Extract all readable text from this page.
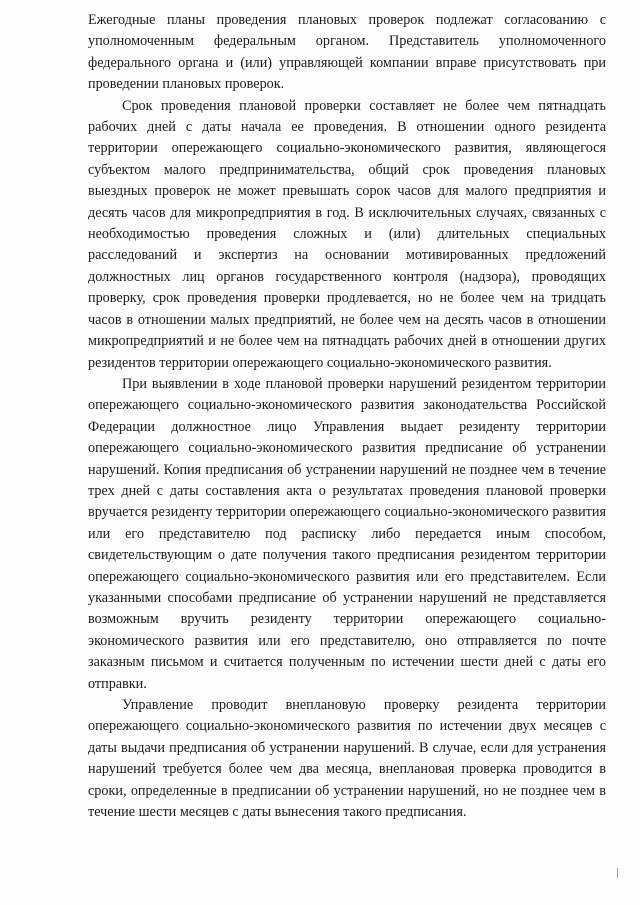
Ежегодные планы проведения плановых проверок подлежат согласованию с уполномоченным федеральным органом. Представитель уполномоченного федерального органа и (или) управляющей компании вправе присутствовать при проведении плановых проверок.

Срок проведения плановой проверки составляет не более чем пятнадцать рабочих дней с даты начала ее проведения. В отношении одного резидента территории опережающего социально-экономического развития, являющегося субъектом малого предпринимательства, общий срок проведения плановых выездных проверок не может превышать сорок часов для малого предприятия и десять часов для микропредприятия в год. В исключительных случаях, связанных с необходимостью проведения сложных и (или) длительных специальных расследований и экспертиз на основании мотивированных предложений должностных лиц органов государственного контроля (надзора), проводящих проверку, срок проведения проверки продлевается, но не более чем на тридцать часов в отношении малых предприятий, не более чем на десять часов в отношении микропредприятий и не более чем на пятнадцать рабочих дней в отношении других резидентов территории опережающего социально-экономического развития.

При выявлении в ходе плановой проверки нарушений резидентом территории опережающего социально-экономического развития законодательства Российской Федерации должностное лицо Управления выдает резиденту территории опережающего социально-экономического развития предписание об устранении нарушений. Копия предписания об устранении нарушений не позднее чем в течение трех дней с даты составления акта о результатах проведения плановой проверки вручается резиденту территории опережающего социально-экономического развития или его представителю под расписку либо передается иным способом, свидетельствующим о дате получения такого предписания резидентом территории опережающего социально-экономического развития или его представителем. Если указанными способами предписание об устранении нарушений не представляется возможным вручить резиденту территории опережающего социально-экономического развития или его представителю, оно отправляется по почте заказным письмом и считается полученным по истечении шести дней с даты его отправки.

Управление проводит внеплановую проверку резидента территории опережающего социально-экономического развития по истечении двух месяцев с даты выдачи предписания об устранении нарушений. В случае, если для устранения нарушений требуется более чем два месяца, внеплановая проверка проводится в сроки, определенные в предписании об устранении нарушений, но не позднее чем в течение шести месяцев с даты вынесения такого предписания.
